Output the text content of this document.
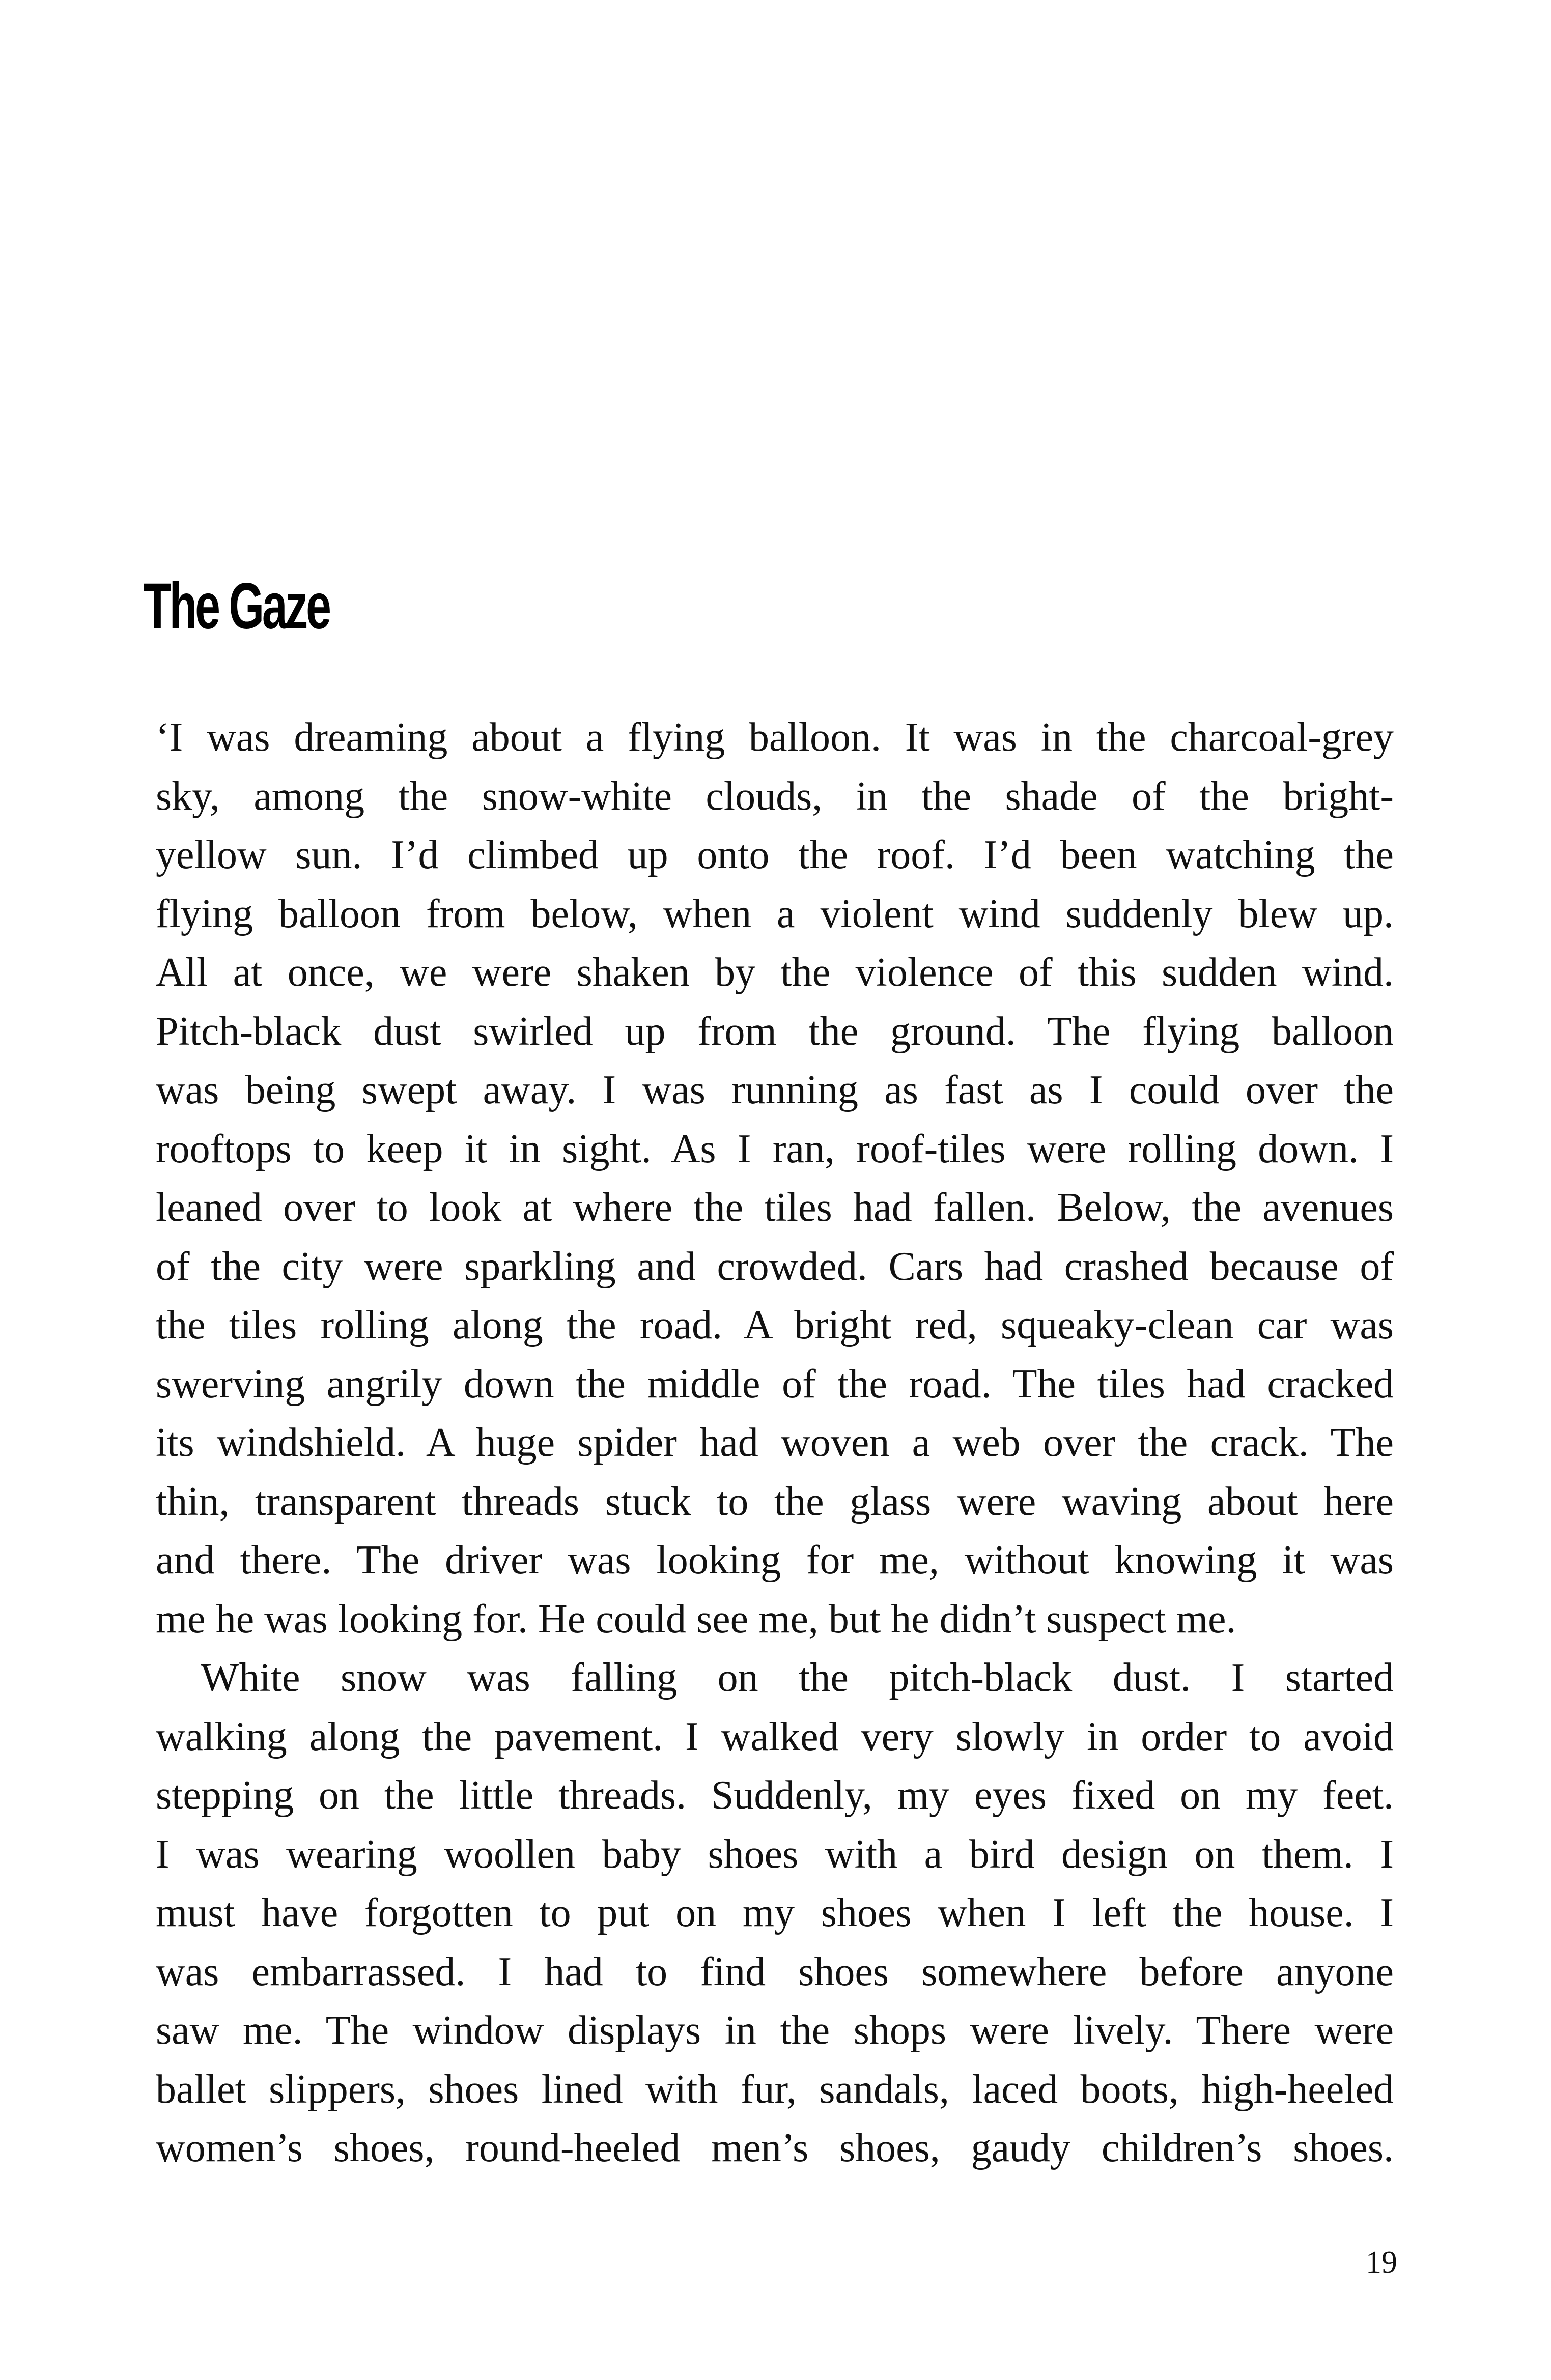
The Gaze
‘I was dreaming about a flying balloon. It was in the charcoal-grey
sky, among the snow-white clouds, in the shade of the bright-
yellow sun. I’d climbed up onto the roof. I’d been watching the
flying balloon from below, when a violent wind suddenly blew up.
All at once, we were shaken by the violence of this sudden wind.
Pitch-black dust swirled up from the ground. The flying balloon
was being swept away. I was running as fast as I could over the
rooftops to keep it in sight. As I ran, roof-tiles were rolling down. I
leaned over to look at where the tiles had fallen. Below, the avenues
of the city were sparkling and crowded. Cars had crashed because of
the tiles rolling along the road. A bright red, squeaky-clean car was
swerving angrily down the middle of the road. The tiles had cracked
its windshield. A huge spider had woven a web over the crack. The
thin, transparent threads stuck to the glass were waving about here
and there. The driver was looking for me, without knowing it was
me he was looking for. He could see me, but he didn’t suspect me.
White snow was falling on the pitch-black dust. I started
walking along the pavement. I walked very slowly in order to avoid
stepping on the little threads. Suddenly, my eyes fixed on my feet.
I was wearing woollen baby shoes with a bird design on them. I
must have forgotten to put on my shoes when I left the house. I
was embarrassed. I had to find shoes somewhere before anyone
saw me. The window displays in the shops were lively. There were
ballet slippers, shoes lined with fur, sandals, laced boots, high-heeled
women’s shoes, round-heeled men’s shoes, gaudy children’s shoes.

19
